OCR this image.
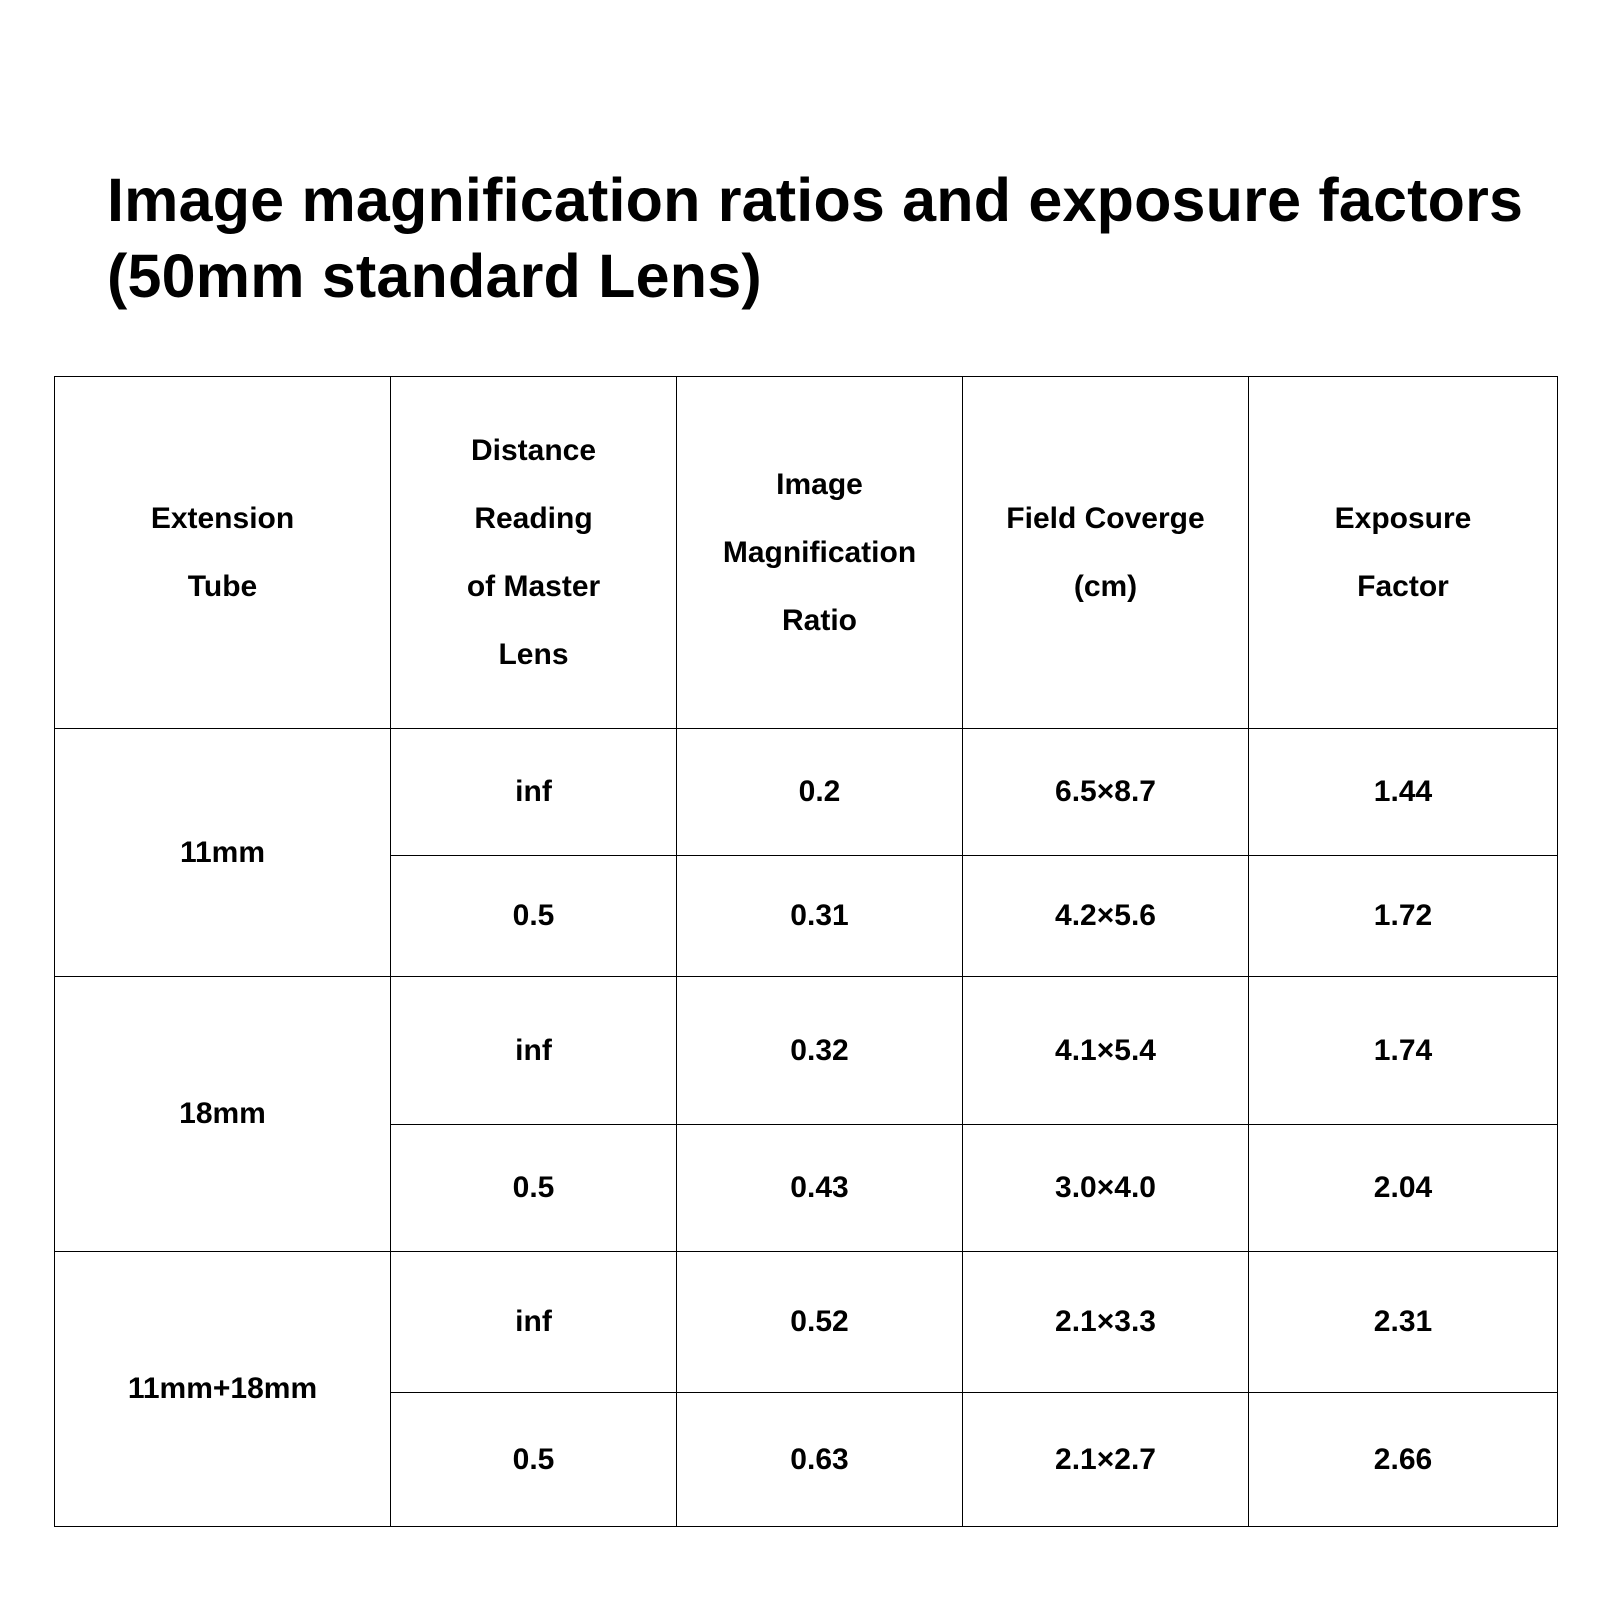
Image magnification ratios and exposure factors
(50mm standard Lens)
Extension
Tube	Distance
Reading
of Master
Lens	Image
Magnification
Ratio	Field Coverge
(cm)	Exposure
Factor

11mm	inf	0.2	6.5×8.7	1.44
	0.5	0.31	4.2×5.6	1.72
18mm	inf	0.32	4.1×5.4	1.74
	0.5	0.43	3.0×4.0	2.04
11mm+18mm	inf	0.52	2.1×3.3	2.31
	0.5	0.63	2.1×2.7	2.66
